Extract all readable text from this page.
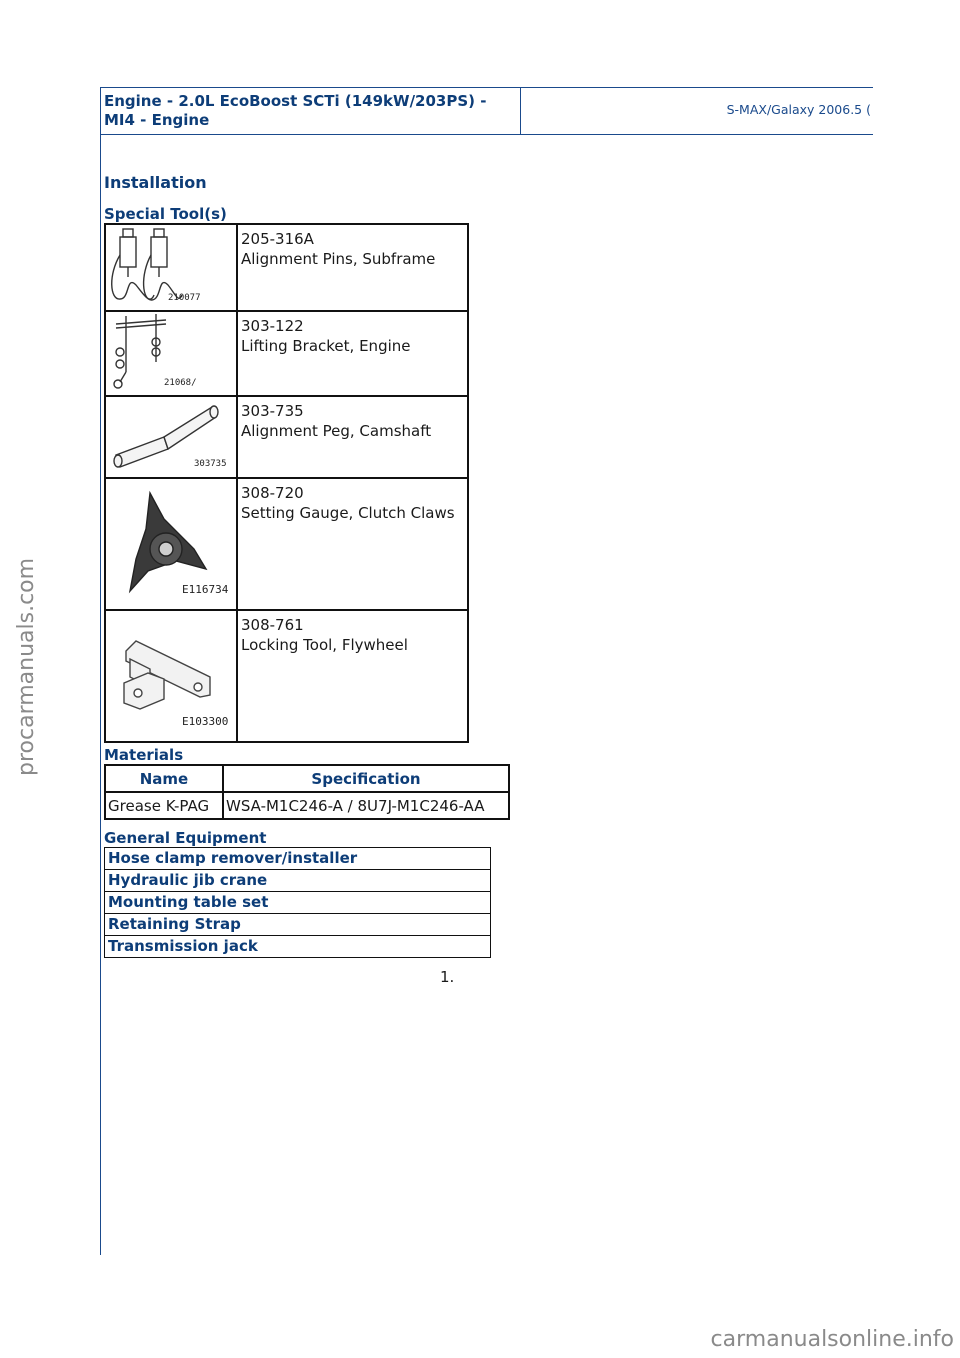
Engine - 2.0L EcoBoost SCTi (149kW/203PS) - MI4 - Engine
S-MAX/Galaxy 2006.5 (
Installation
Special Tool(s)
210077	205-316A
Alignment Pins, Subframe

21068/	303-122
Lifting Bracket, Engine

303735	303-735
Alignment Peg, Camshaft

E116734	308-720
Setting Gauge, Clutch Claws

E103300	308-761
Locking Tool, Flywheel
Materials
Name	Specification
Grease K-PAG	WSA-M1C246-A / 8U7J-M1C246-AA
General Equipment
Hose clamp remover/installer
Hydraulic jib crane
Mounting table set
Retaining Strap
Transmission jack
1.
procarmanuals.com
carmanualsonline.info
